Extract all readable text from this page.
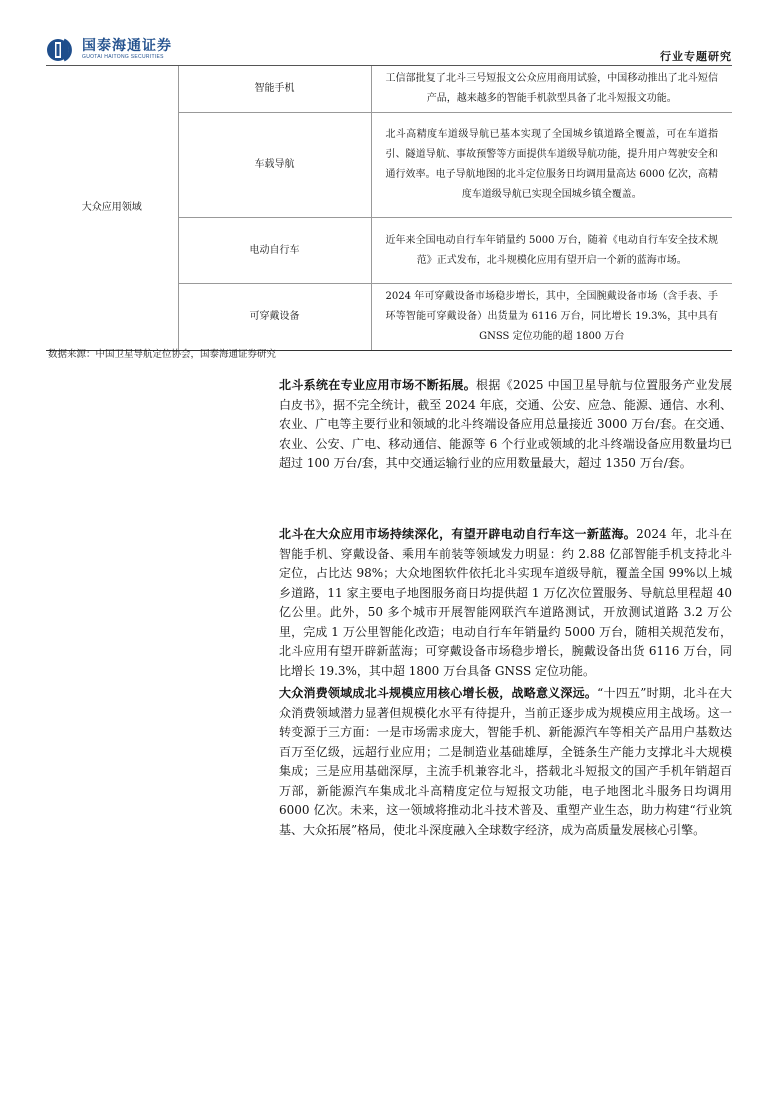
国泰海通证券
GUOTAI HAITONG SECURITIES	行业专题研究
大众应用领域	智能手机	工信部批复了北斗三号短报文公众应用商用试验，中国移动推出了北斗短信产品，越来越多的智能手机款型具备了北斗短报文功能。
	车载导航	北斗高精度车道级导航已基本实现了全国城乡镇道路全覆盖，可在车道指引、隧道导航、事故预警等方面提供车道级导航功能，提升用户驾驶安全和通行效率。电子导航地图的北斗定位服务日均调用量高达 6000 亿次，高精度车道级导航已实现全国城乡镇全覆盖。
	电动自行车	近年来全国电动自行车年销量约 5000 万台，随着《电动自行车安全技术规范》正式发布，北斗规模化应用有望开启一个新的蓝海市场。
	可穿戴设备	2024 年可穿戴设备市场稳步增长，其中，全国腕戴设备市场（含手表、手环等智能可穿戴设备）出货量为 6116 万台，同比增长 19.3%，其中具有 GNSS 定位功能的超 1800 万台
数据来源：中国卫星导航定位协会，国泰海通证券研究

北斗系统在专业应用市场不断拓展。根据《2025 中国卫星导航与位置服务产业发展白皮书》，据不完全统计，截至 2024 年底，交通、公安、应急、能源、通信、水利、农业、广电等主要行业和领域的北斗终端设备应用总量接近 3000 万台/套。在交通、农业、公安、广电、移动通信、能源等 6 个行业或领域的北斗终端设备应用数量均已超过 100 万台/套，其中交通运输行业的应用数量最大，超过 1350 万台/套。

北斗在大众应用市场持续深化，有望开辟电动自行车这一新蓝海。2024 年，北斗在智能手机、穿戴设备、乘用车前装等领域发力明显：约 2.88 亿部智能手机支持北斗定位，占比达 98%；大众地图软件依托北斗实现车道级导航，覆盖全国 99%以上城乡道路，11 家主要电子地图服务商日均提供超 1 万亿次位置服务、导航总里程超 40 亿公里。此外，50 多个城市开展智能网联汽车道路测试，开放测试道路 3.2 万公里，完成 1 万公里智能化改造；电动自行车年销量约 5000 万台，随相关规范发布，北斗应用有望开辟新蓝海；可穿戴设备市场稳步增长，腕戴设备出货 6116 万台，同比增长 19.3%，其中超 1800 万台具备 GNSS 定位功能。

大众消费领域成北斗规模应用核心增长极，战略意义深远。“十四五”时期，北斗在大众消费领域潜力显著但规模化水平有待提升，当前正逐步成为规模应用主战场。这一转变源于三方面：一是市场需求庞大，智能手机、新能源汽车等相关产品用户基数达百万至亿级，远超行业应用；二是制造业基础雄厚，全链条生产能力支撑北斗大规模集成；三是应用基础深厚，主流手机兼容北斗，搭载北斗短报文的国产手机年销超百万部，新能源汽车集成北斗高精度定位与短报文功能，电子地图北斗服务日均调用 6000 亿次。未来，这一领域将推动北斗技术普及、重塑产业生态，助力构建“行业筑基、大众拓展”格局，使北斗深度融入全球数字经济，成为高质量发展核心引擎。
